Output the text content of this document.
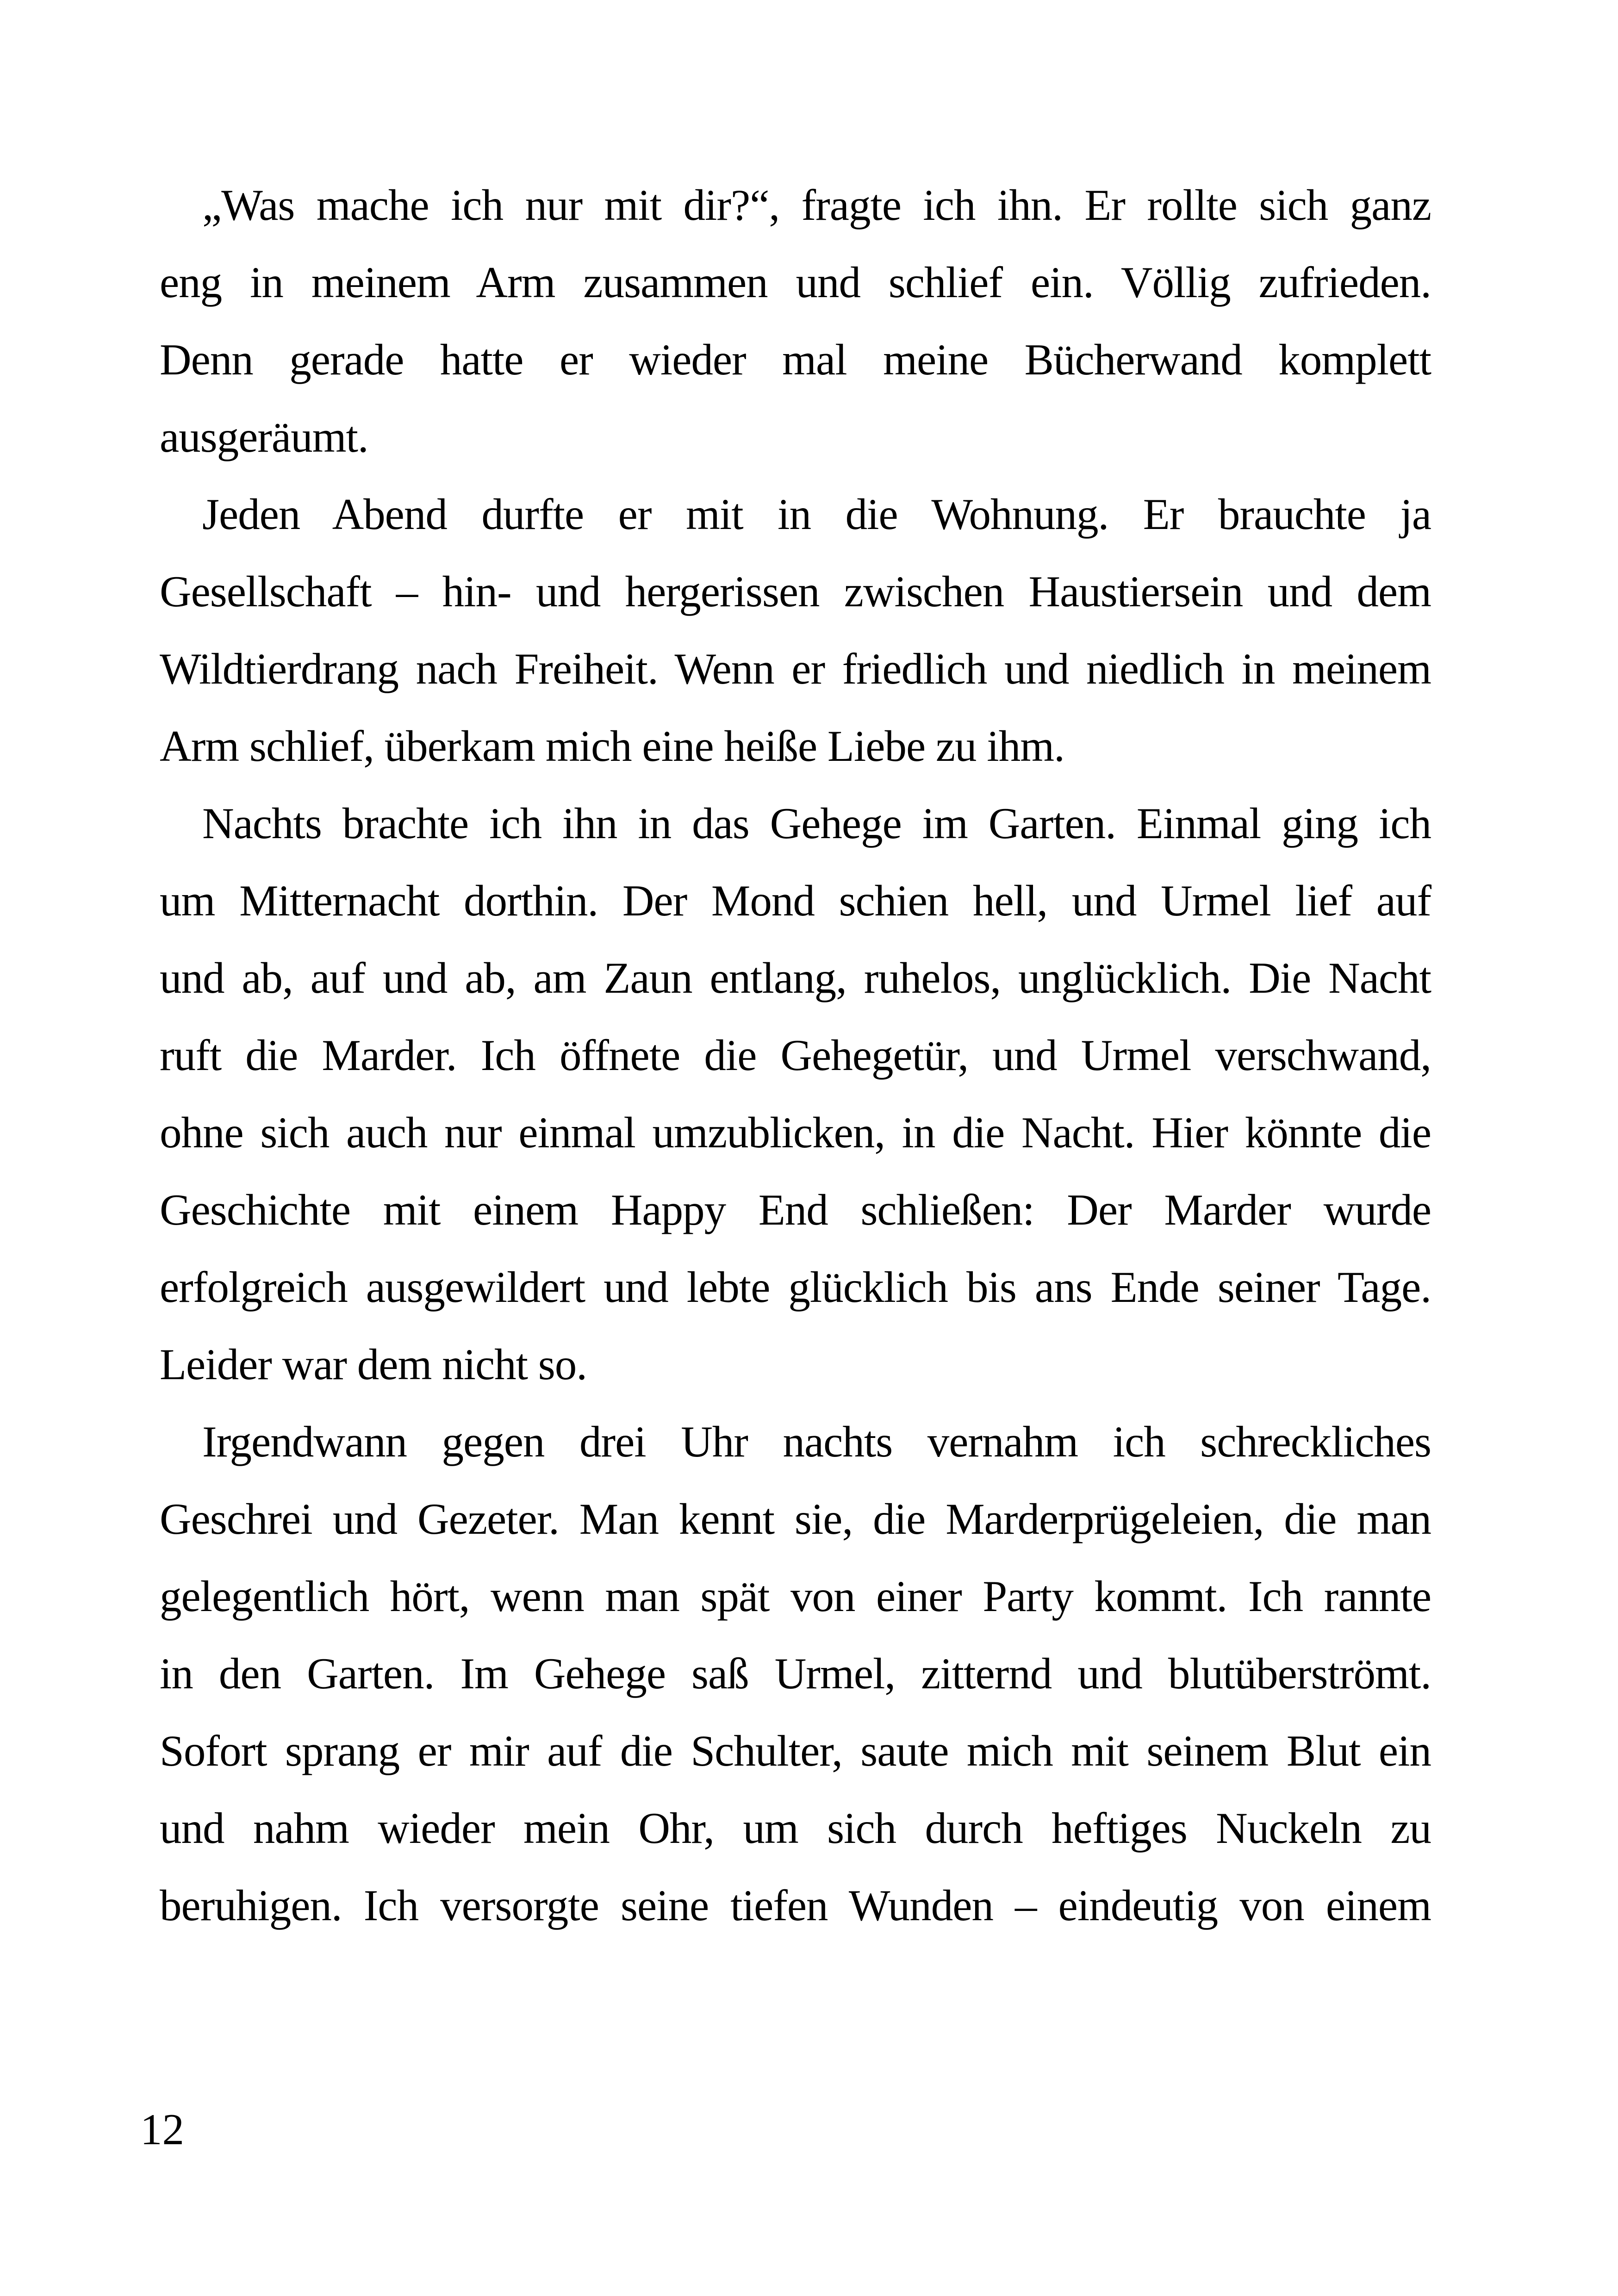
„Was mache ich nur mit dir?“, fragte ich ihn. Er rollte sich ganz
eng in meinem Arm zusammen und schlief ein. Völlig zufrieden.
Denn gerade hatte er wieder mal meine Bücherwand komplett
ausgeräumt.
Jeden Abend durfte er mit in die Wohnung. Er brauchte ja
Gesellschaft – hin- und hergerissen zwischen Haustiersein und dem
Wildtierdrang nach Freiheit. Wenn er friedlich und niedlich in meinem
Arm schlief, überkam mich eine heiße Liebe zu ihm.
Nachts brachte ich ihn in das Gehege im Garten. Einmal ging ich
um Mitternacht dorthin. Der Mond schien hell, und Urmel lief auf
und ab, auf und ab, am Zaun entlang, ruhelos, unglücklich. Die Nacht
ruft die Marder. Ich öffnete die Gehegetür, und Urmel verschwand,
ohne sich auch nur einmal umzublicken, in die Nacht. Hier könnte die
Geschichte mit einem Happy End schließen: Der Marder wurde
erfolgreich ausgewildert und lebte glücklich bis ans Ende seiner Tage.
Leider war dem nicht so.
Irgendwann gegen drei Uhr nachts vernahm ich schreckliches
Geschrei und Gezeter. Man kennt sie, die Marderprügeleien, die man
gelegentlich hört, wenn man spät von einer Party kommt. Ich rannte
in den Garten. Im Gehege saß Urmel, zitternd und blutüberströmt.
Sofort sprang er mir auf die Schulter, saute mich mit seinem Blut ein
und nahm wieder mein Ohr, um sich durch heftiges Nuckeln zu
beruhigen. Ich versorgte seine tiefen Wunden – eindeutig von einem
12
